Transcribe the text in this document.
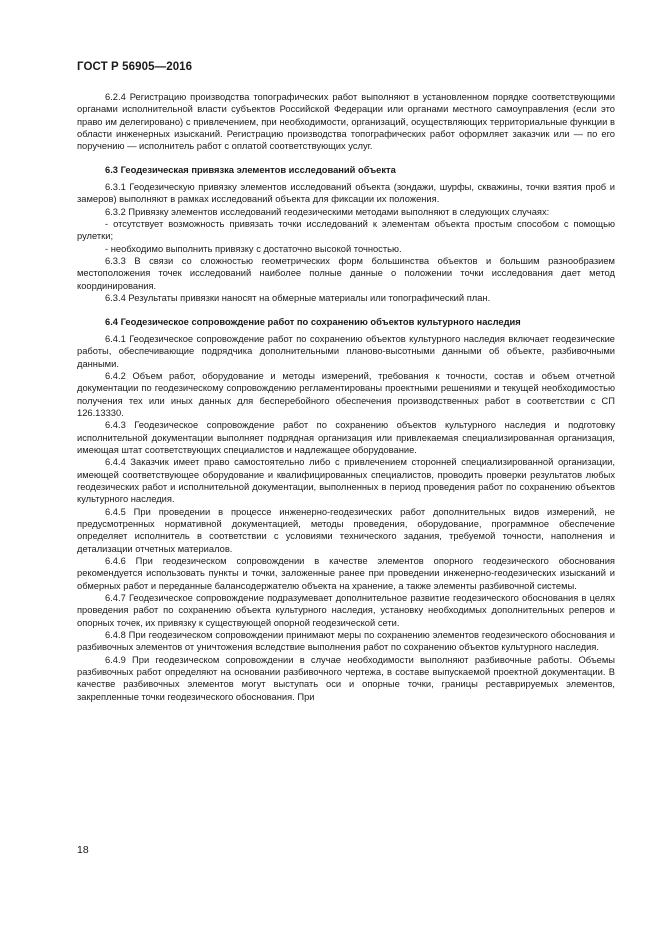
ГОСТ Р 56905—2016

6.2.4 Регистрацию производства топографических работ выполняют в установленном порядке соответствующими органами исполнительной власти субъектов Российской Федерации или органами местного самоуправления (если это право им делегировано) с привлечением, при необходимости, организаций, осуществляющих территориальные функции в области инженерных изысканий. Регистрацию производства топографических работ оформляет заказчик или — по его поручению — исполнитель работ с оплатой соответствующих услуг.

6.3 Геодезическая привязка элементов исследований объекта

6.3.1 Геодезическую привязку элементов исследований объекта (зондажи, шурфы, скважины, точки взятия проб и замеров) выполняют в рамках исследований объекта для фиксации их положения.

6.3.2 Привязку элементов исследований геодезическими методами выполняют в следующих случаях:

- отсутствует возможность привязать точки исследований к элементам объекта простым способом с помощью рулетки;

- необходимо выполнить привязку с достаточно высокой точностью.

6.3.3 В связи со сложностью геометрических форм большинства объектов и большим разнообразием местоположения точек исследований наиболее полные данные о положении точки исследования дает метод координирования.

6.3.4 Результаты привязки наносят на обмерные материалы или топографический план.

6.4 Геодезическое сопровождение работ по сохранению объектов культурного наследия

6.4.1 Геодезическое сопровождение работ по сохранению объектов культурного наследия включает геодезические работы, обеспечивающие подрядчика дополнительными планово-высотными данными об объекте, разбивочными данными.

6.4.2 Объем работ, оборудование и методы измерений, требования к точности, состав и объем отчетной документации по геодезическому сопровождению регламентированы проектными решениями и текущей необходимостью получения тех или иных данных для бесперебойного обеспечения производственных работ в соответствии с СП 126.13330.

6.4.3 Геодезическое сопровождение работ по сохранению объектов культурного наследия и подготовку исполнительной документации выполняет подрядная организация или привлекаемая специализированная организация, имеющая штат соответствующих специалистов и надлежащее оборудование.

6.4.4 Заказчик имеет право самостоятельно либо с привлечением сторонней специализированной организации, имеющей соответствующее оборудование и квалифицированных специалистов, проводить проверки результатов любых геодезических работ и исполнительной документации, выполненных в период проведения работ по сохранению объектов культурного наследия.

6.4.5 При проведении в процессе инженерно-геодезических работ дополнительных видов измерений, не предусмотренных нормативной документацией, методы проведения, оборудование, программное обеспечение определяет исполнитель в соответствии с условиями технического задания, требуемой точности, наполнения и детализации отчетных материалов.

6.4.6 При геодезическом сопровождении в качестве элементов опорного геодезического обоснования рекомендуется использовать пункты и точки, заложенные ранее при проведении инженерно-геодезических изысканий и обмерных работ и переданные балансодержателю объекта на хранение, а также элементы разбивочной системы.

6.4.7 Геодезическое сопровождение подразумевает дополнительное развитие геодезического обоснования в целях проведения работ по сохранению объекта культурного наследия, установку необходимых дополнительных реперов и опорных точек, их привязку к существующей опорной геодезической сети.

6.4.8 При геодезическом сопровождении принимают меры по сохранению элементов геодезического обоснования и разбивочных элементов от уничтожения вследствие выполнения работ по сохранению объектов культурного наследия.

6.4.9 При геодезическом сопровождении в случае необходимости выполняют разбивочные работы. Объемы разбивочных работ определяют на основании разбивочного чертежа, в составе выпускаемой проектной документации. В качестве разбивочных элементов могут выступать оси и опорные точки, границы реставрируемых элементов, закрепленные точки геодезического обоснования. При

18
